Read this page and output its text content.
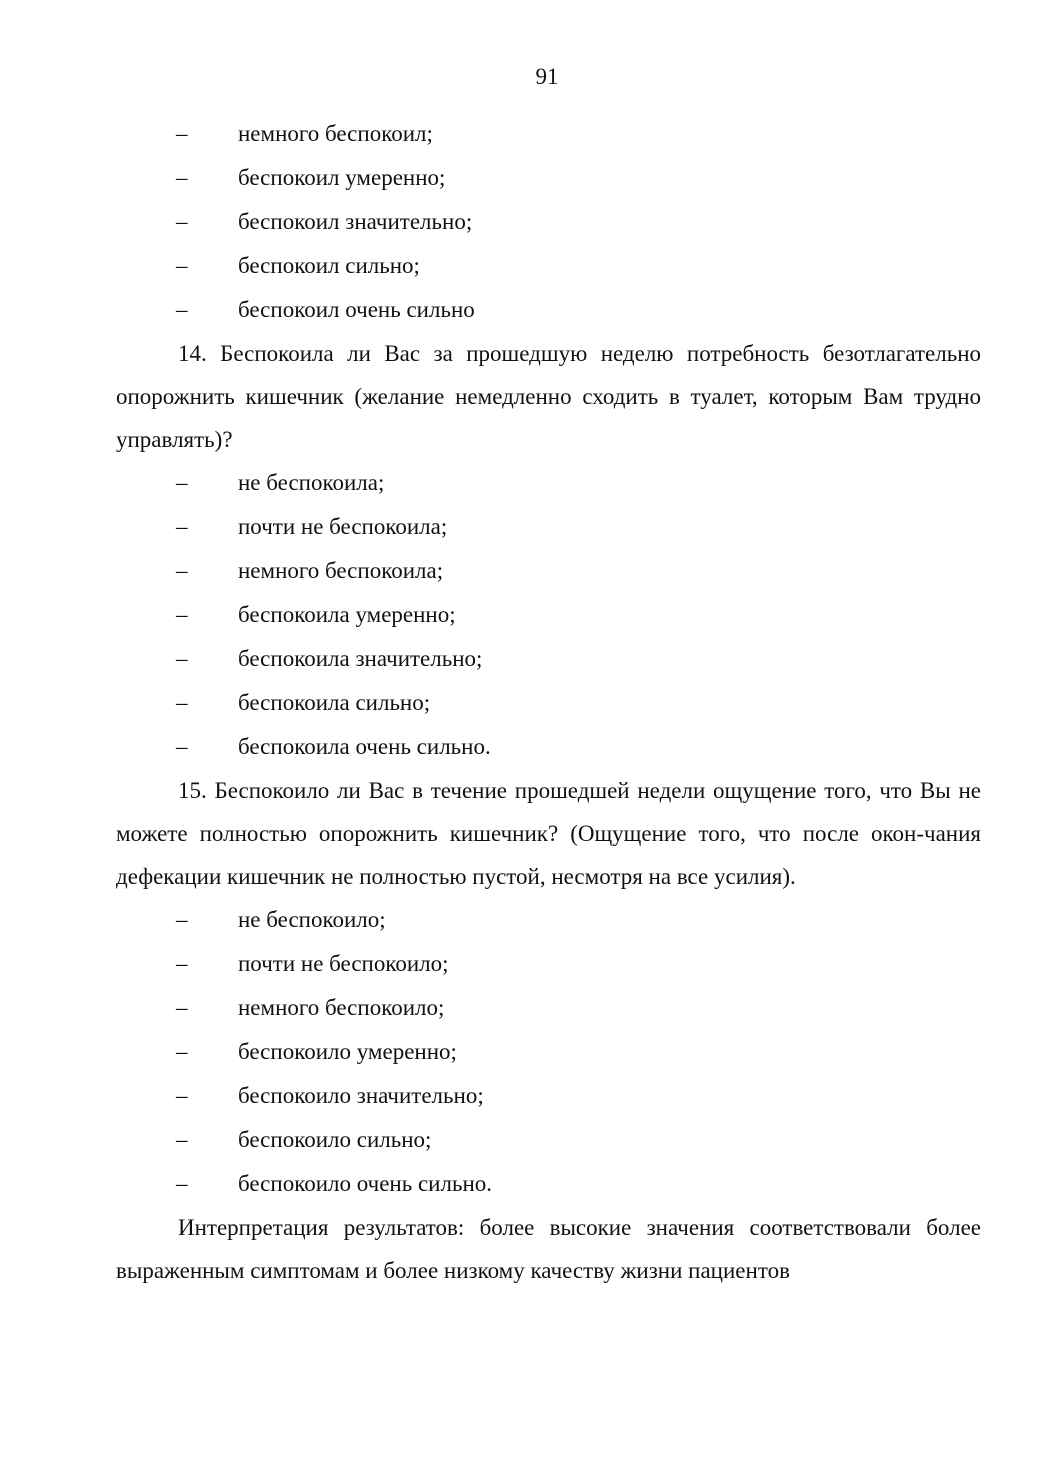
91
– немного беспокоил;
– беспокоил умеренно;
– беспокоил значительно;
– беспокоил сильно;
– беспокоил очень сильно

14. Беспокоила ли Вас за прошедшую неделю потребность безотлагательно опорожнить кишечник (желание немедленно сходить в туалет, которым Вам трудно управлять)?

– не беспокоила;
– почти не беспокоила;
– немного беспокоила;
– беспокоила умеренно;
– беспокоила значительно;
– беспокоила сильно;
– беспокоила очень сильно.

15. Беспокоило ли Вас в течение прошедшей недели ощущение того, что Вы не можете полностью опорожнить кишечник? (Ощущение того, что после окон-чания дефекации кишечник не полностью пустой, несмотря на все усилия).

– не беспокоило;
– почти не беспокоило;
– немного беспокоило;
– беспокоило умеренно;
– беспокоило значительно;
– беспокоило сильно;
– беспокоило очень сильно.

Интерпретация результатов: более высокие значения соответствовали более выраженным симптомам и более низкому качеству жизни пациентов
